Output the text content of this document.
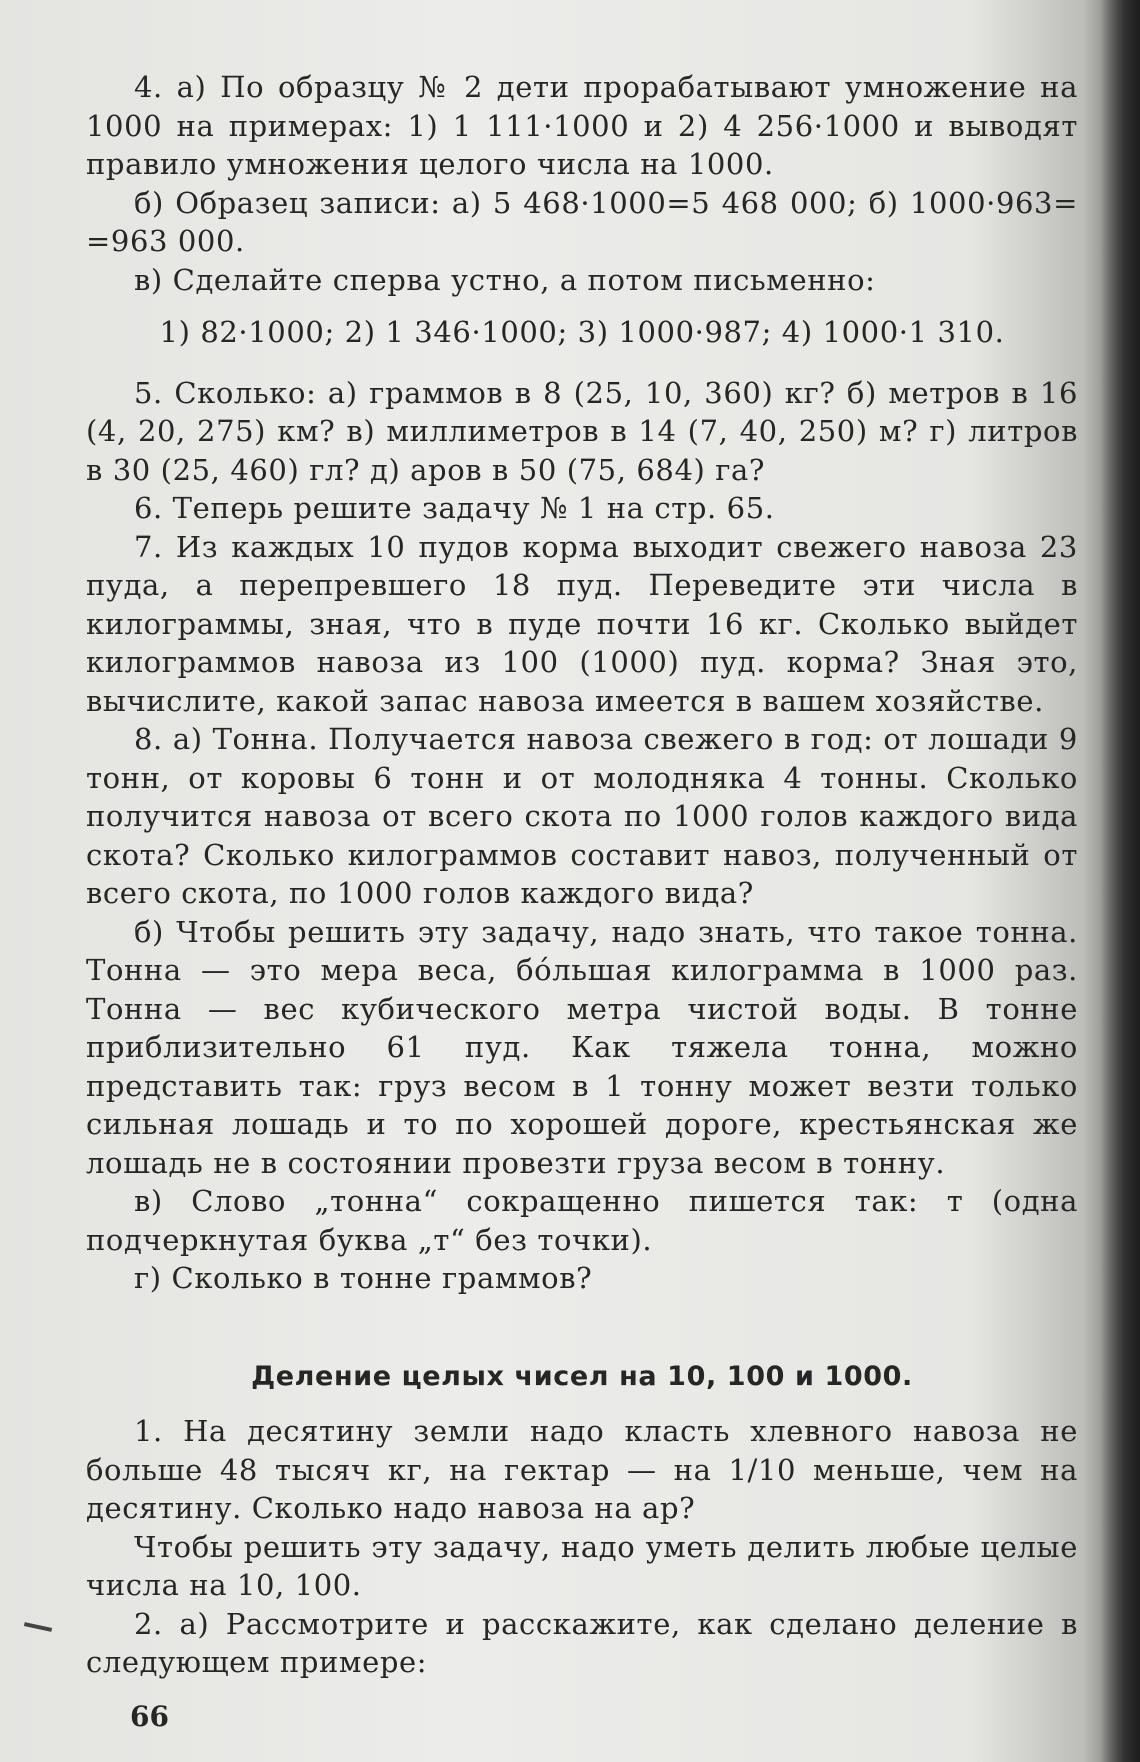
4. а) По образцу № 2 дети прорабатывают умножение на 1000 на примерах: 1) 1 111·1000 и 2) 4 256·1000 и выводят правило умножения целого числа на 1000.

б) Образец записи: а) 5 468·1000=5 468 000; б) 1000·963= =963 000.

в) Сделайте сперва устно, а потом письменно:

1) 82·1000; 2) 1 346·1000; 3) 1000·987; 4) 1000·1 310.

5. Сколько: а) граммов в 8 (25, 10, 360) кг? б) метров в 16 (4, 20, 275) км? в) миллиметров в 14 (7, 40, 250) м? г) литров в 30 (25, 460) гл? д) аров в 50 (75, 684) га?

6. Теперь решите задачу № 1 на стр. 65.

7. Из каждых 10 пудов корма выходит свежего навоза 23 пуда, а перепревшего 18 пуд. Переведите эти числа в килограммы, зная, что в пуде почти 16 кг. Сколько выйдет килограммов навоза из 100 (1000) пуд. корма? Зная это, вычислите, какой запас навоза имеется в вашем хозяйстве.

8. а) Тонна. Получается навоза свежего в год: от лошади 9 тонн, от коровы 6 тонн и от молодняка 4 тонны. Сколько получится навоза от всего скота по 1000 голов каждого вида скота? Сколько килограммов составит навоз, полученный от всего скота, по 1000 голов каждого вида?

б) Чтобы решить эту задачу, надо знать, что такое тонна. Тонна — это мера веса, бо́льшая килограмма в 1000 раз. Тонна — вес кубического метра чистой воды. В тонне приблизительно 61 пуд. Как тяжела тонна, можно представить так: груз весом в 1 тонну может везти только сильная лошадь и то по хорошей дороге, крестьянская же лошадь не в состоянии провезти груза весом в тонну.

в) Слово „тонна“ сокращенно пишется так: т (одна подчеркнутая буква „т“ без точки).

г) Сколько в тонне граммов?

Деление целых чисел на 10, 100 и 1000.

1. На десятину земли надо класть хлевного навоза не больше 48 тысяч кг, на гектар — на 1/10 меньше, чем на десятину. Сколько надо навоза на ар?

Чтобы решить эту задачу, надо уметь делить любые целые числа на 10, 100.

2. а) Рассмотрите и расскажите, как сделано деление в следующем примере:

66
